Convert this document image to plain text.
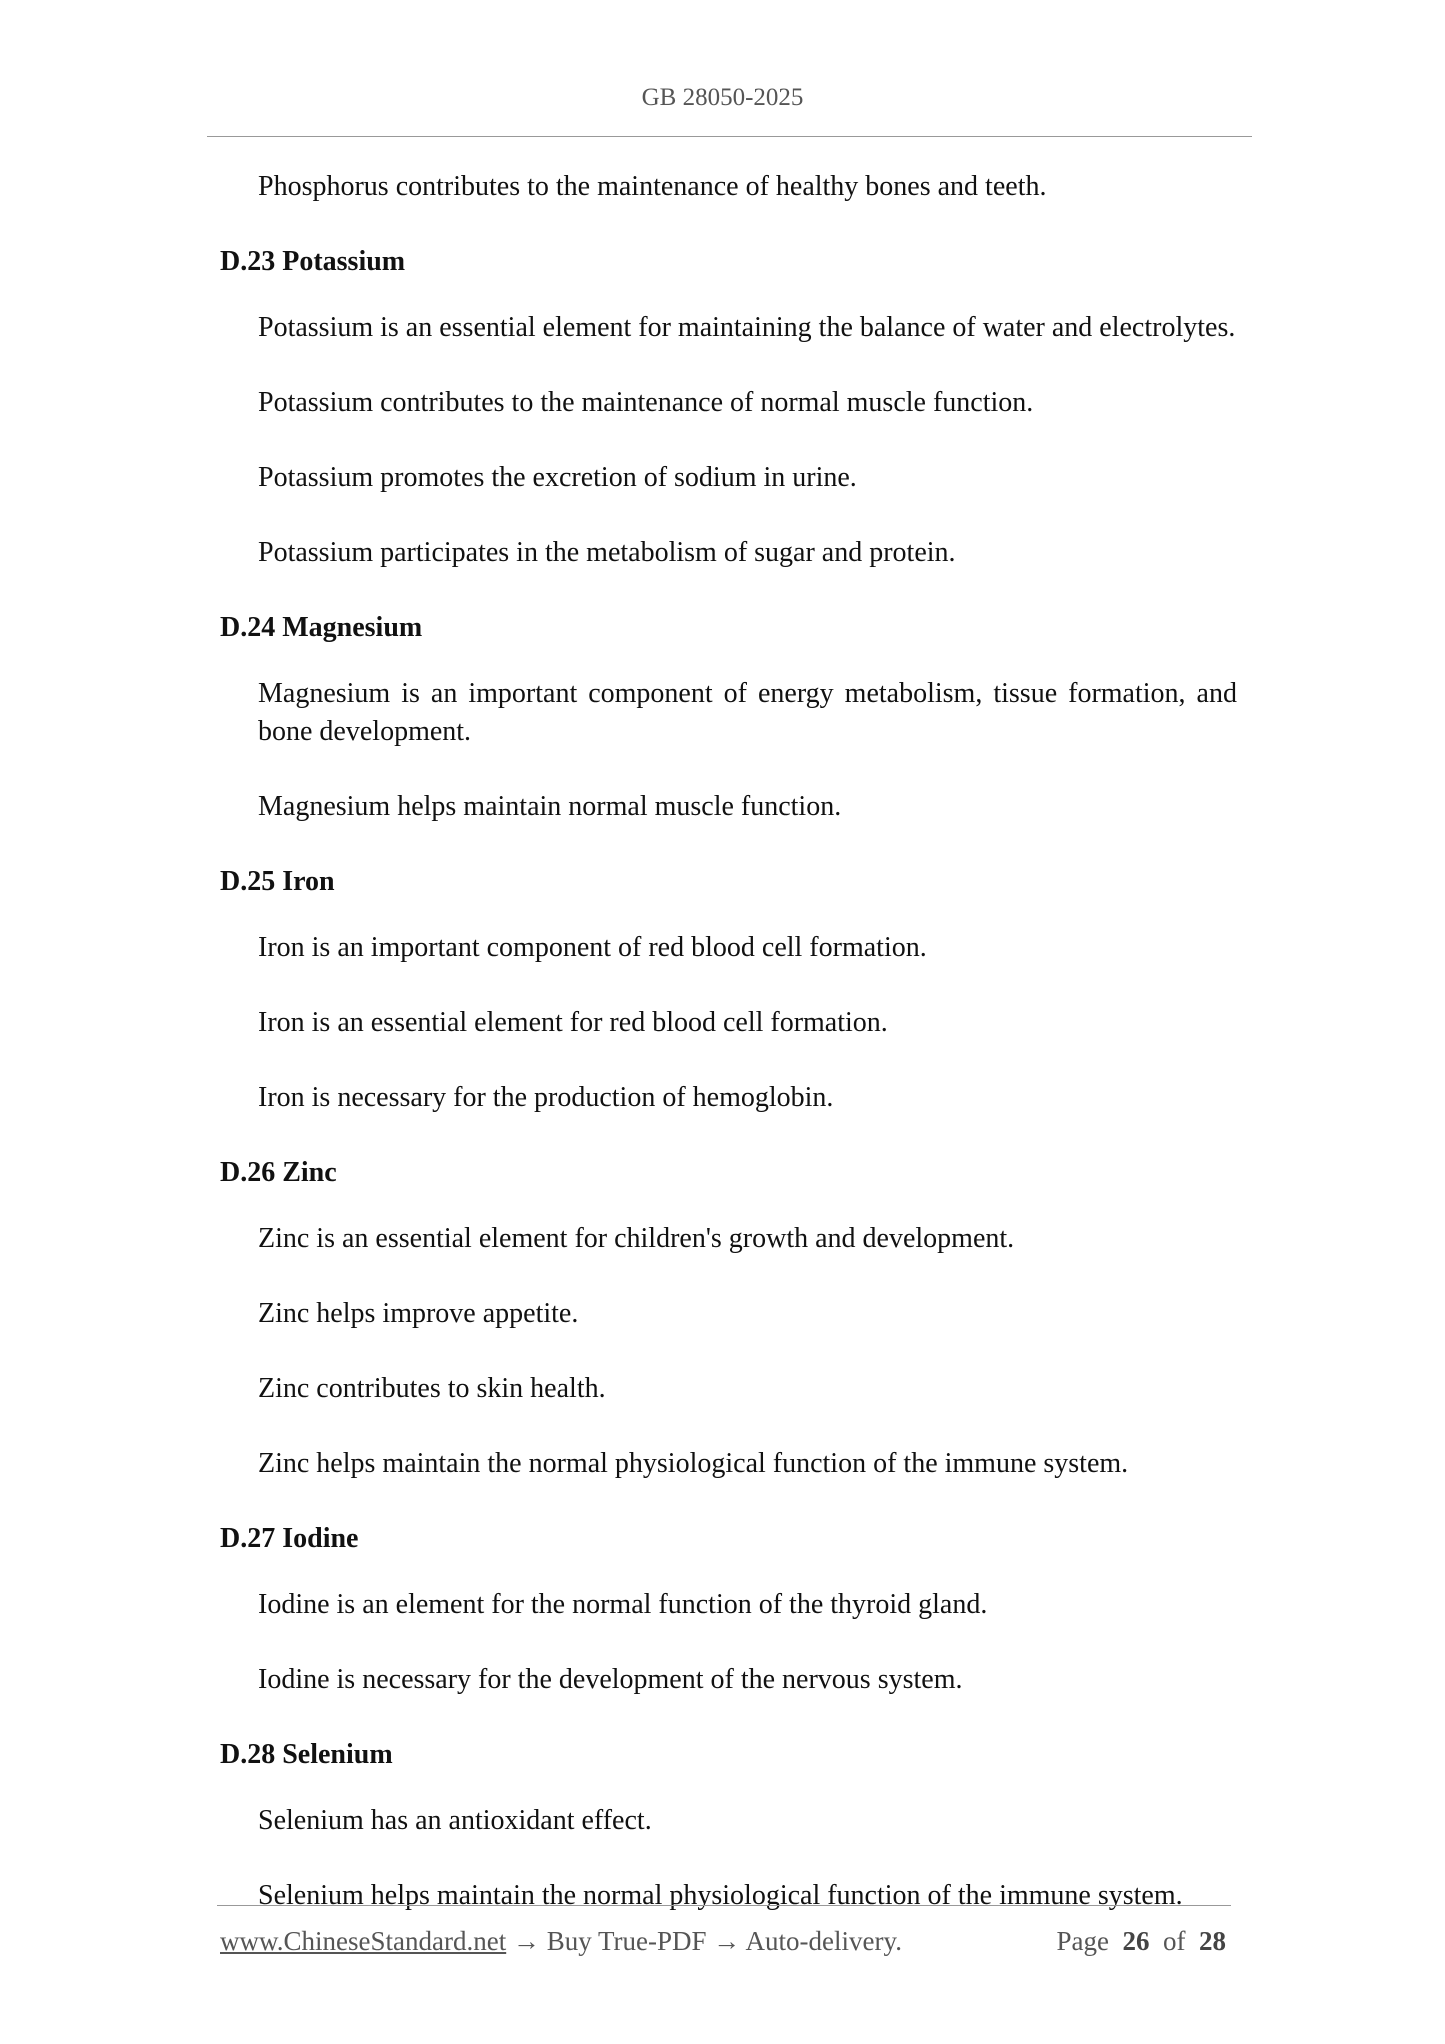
GB 28050-2025

Phosphorus contributes to the maintenance of healthy bones and teeth.

D.23 Potassium

Potassium is an essential element for maintaining the balance of water and electrolytes.

Potassium contributes to the maintenance of normal muscle function.

Potassium promotes the excretion of sodium in urine.

Potassium participates in the metabolism of sugar and protein.

D.24 Magnesium

Magnesium is an important component of energy metabolism, tissue formation, and bone development.

Magnesium helps maintain normal muscle function.

D.25 Iron

Iron is an important component of red blood cell formation.

Iron is an essential element for red blood cell formation.

Iron is necessary for the production of hemoglobin.

D.26 Zinc

Zinc is an essential element for children's growth and development.

Zinc helps improve appetite.

Zinc contributes to skin health.

Zinc helps maintain the normal physiological function of the immune system.

D.27 Iodine

Iodine is an element for the normal function of the thyroid gland.

Iodine is necessary for the development of the nervous system.

D.28 Selenium

Selenium has an antioxidant effect.

Selenium helps maintain the normal physiological function of the immune system.

www.ChineseStandard.net → Buy True-PDF → Auto-delivery.	Page 26 of 28
